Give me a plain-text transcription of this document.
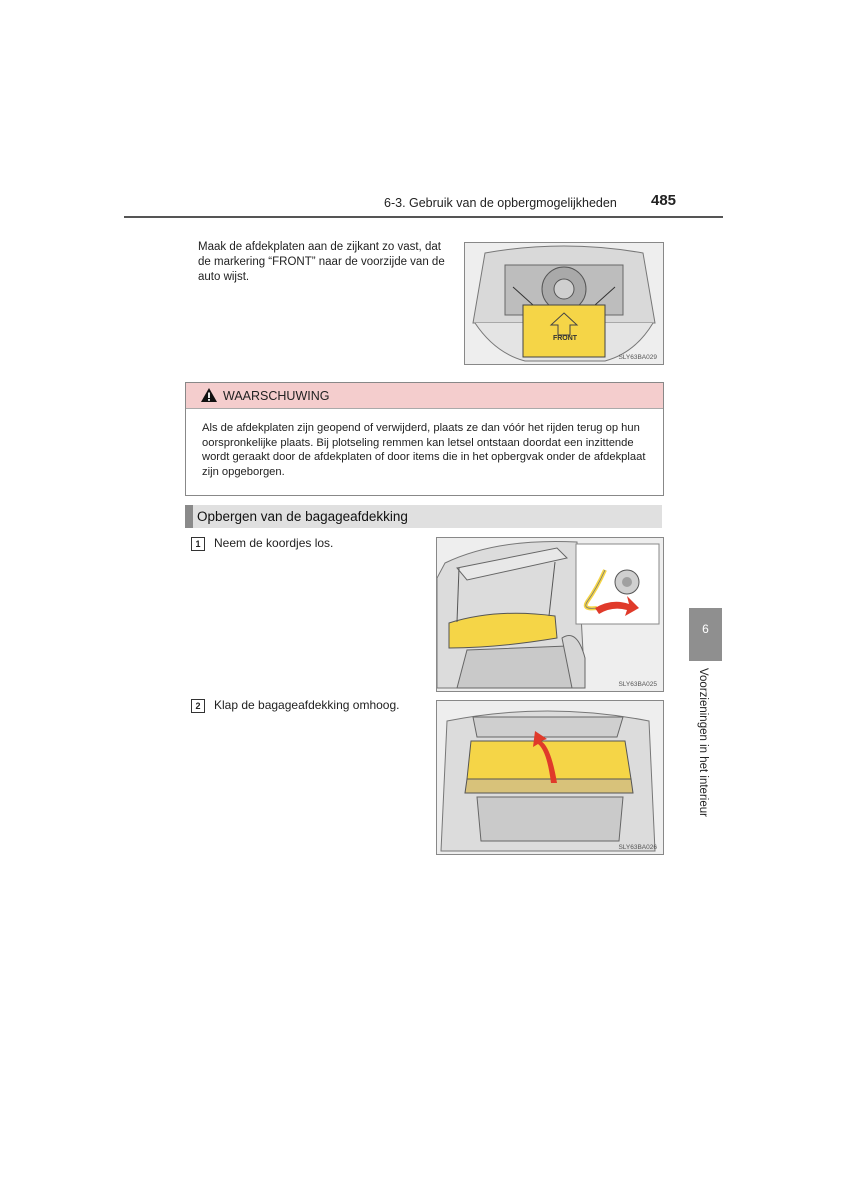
6-3. Gebruik van de opbergmogelijkheden 485
Maak de afdekplaten aan de zijkant zo vast, dat de markering “FRONT” naar de voorzijde van de auto wijst.
FRONT
SLY63BA029
WAARSCHUWING
Als de afdekplaten zijn geopend of verwijderd, plaats ze dan vóór het rijden terug op hun oorspronkelijke plaats. Bij plotseling remmen kan letsel ontstaan doordat een inzittende wordt geraakt door de afdekplaten of door items die in het opbergvak onder de afdekplaat zijn opgeborgen.
Opbergen van de bagageafdekking
1	Neem de koordjes los.
SLY63BA025
2	Klap de bagageafdekking omhoog.
SLY63BA026
6
Voorzieningen in het interieur
